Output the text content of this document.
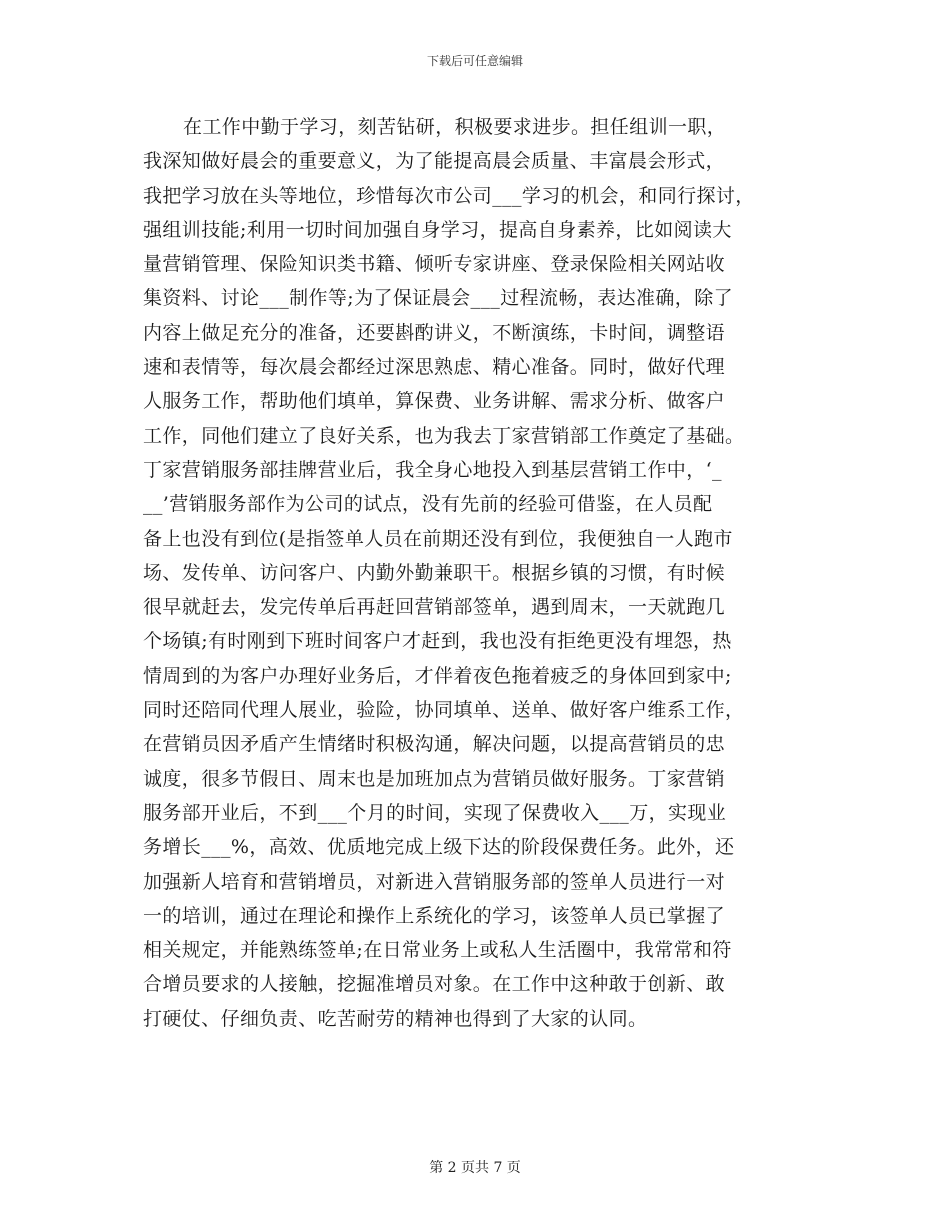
下载后可任意编辑
在工作中勤于学习，刻苦钻研，积极要求进步。担任组训一职，
我深知做好晨会的重要意义，为了能提高晨会质量、丰富晨会形式，
我把学习放在头等地位，珍惜每次市公司___学习的机会，和同行探讨，
强组训技能;利用一切时间加强自身学习，提高自身素养，比如阅读大
量营销管理、保险知识类书籍、倾听专家讲座、登录保险相关网站收
集资料、讨论___制作等;为了保证晨会___过程流畅，表达准确，除了
内容上做足充分的准备，还要斟酌讲义，不断演练，卡时间，调整语
速和表情等，每次晨会都经过深思熟虑、精心准备。同时，做好代理
人服务工作，帮助他们填单，算保费、业务讲解、需求分析、做客户
工作，同他们建立了良好关系，也为我去丁家营销部工作奠定了基础。
丁家营销服务部挂牌营业后，我全身心地投入到基层营销工作中，‘_
__’营销服务部作为公司的试点，没有先前的经验可借鉴，在人员配
备上也没有到位(是指签单人员在前期还没有到位，我便独自一人跑市
场、发传单、访问客户、内勤外勤兼职干。根据乡镇的习惯，有时候
很早就赶去，发完传单后再赶回营销部签单，遇到周末，一天就跑几
个场镇;有时刚到下班时间客户才赶到，我也没有拒绝更没有埋怨，热
情周到的为客户办理好业务后，才伴着夜色拖着疲乏的身体回到家中;
同时还陪同代理人展业，验险，协同填单、送单、做好客户维系工作，
在营销员因矛盾产生情绪时积极沟通，解决问题，以提高营销员的忠
诚度，很多节假日、周末也是加班加点为营销员做好服务。丁家营销
服务部开业后，不到___个月的时间，实现了保费收入___万，实现业
务增长___%，高效、优质地完成上级下达的阶段保费任务。此外，还
加强新人培育和营销增员，对新进入营销服务部的签单人员进行一对
一的培训，通过在理论和操作上系统化的学习，该签单人员已掌握了
相关规定，并能熟练签单;在日常业务上或私人生活圈中，我常常和符
合增员要求的人接触，挖掘准增员对象。在工作中这种敢于创新、敢
打硬仗、仔细负责、吃苦耐劳的精神也得到了大家的认同。
第 2 页共 7 页
